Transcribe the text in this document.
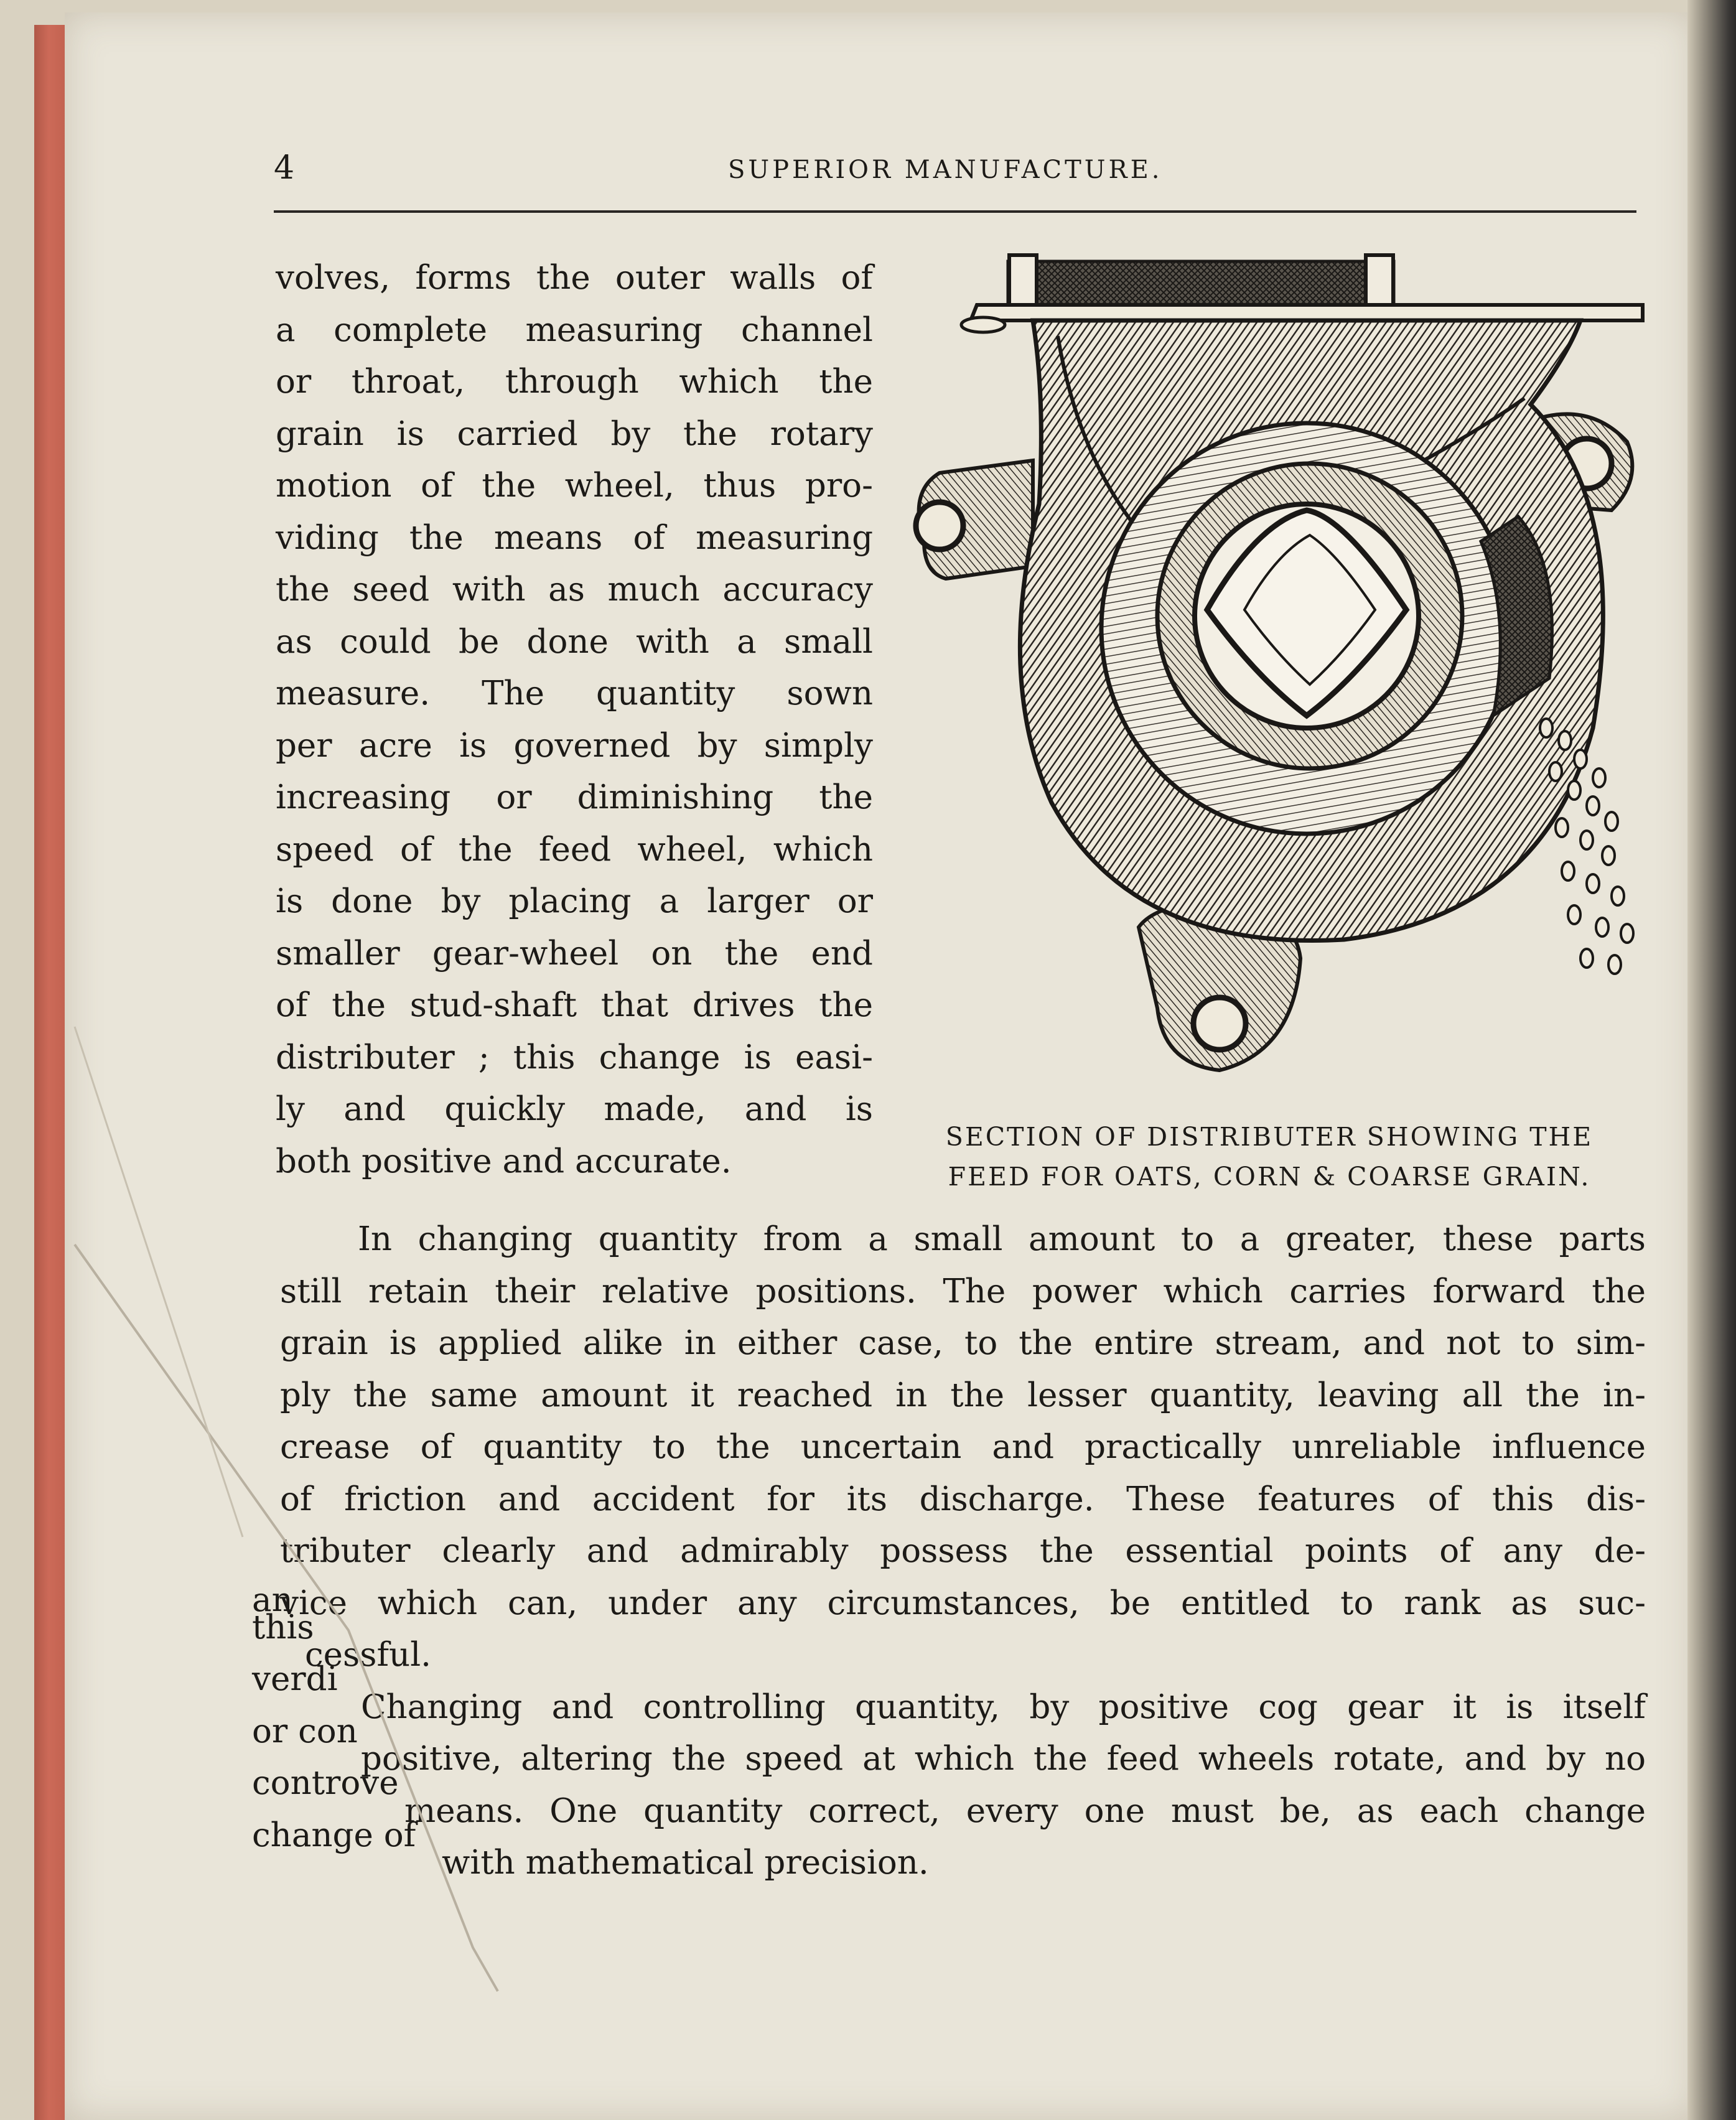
4	SUPERIOR MANUFACTURE.
volves, forms the outer walls of
a complete measuring channel
or throat, through which the
grain is carried by the rotary
motion of the wheel, thus pro-
viding the means of measuring
the seed with as much accuracy
as could be done with a small
measure. The quantity sown
per acre is governed by simply
increasing or diminishing the
speed of the feed wheel, which
is done by placing a larger or
smaller gear-wheel on the end
of the stud-shaft that drives the
distributer ; this change is easi-
ly and quickly made, and is
both positive and accurate.
SECTION OF DISTRIBUTER SHOWING THE
FEED FOR OATS, CORN & COARSE GRAIN.
In changing quantity from a small amount to a greater, these parts
still retain their relative positions. The power which carries forward the
grain is applied alike in either case, to the entire stream, and not to sim-
ply the same amount it reached in the lesser quantity, leaving all the in-
crease of quantity to the uncertain and practically unreliable influence
of friction and accident for its discharge. These features of this dis-
tributer clearly and admirably possess the essential points of any de-
vice which can, under any circumstances, be entitled to rank as suc-
cessful.
Changing and controlling quantity, by positive cog gear it is itself
positive, altering the speed at which the feed wheels rotate, and by no
means. One quantity correct, every one must be, as each change
with mathematical precision.
an
this
verdi
or con
controve
change of
